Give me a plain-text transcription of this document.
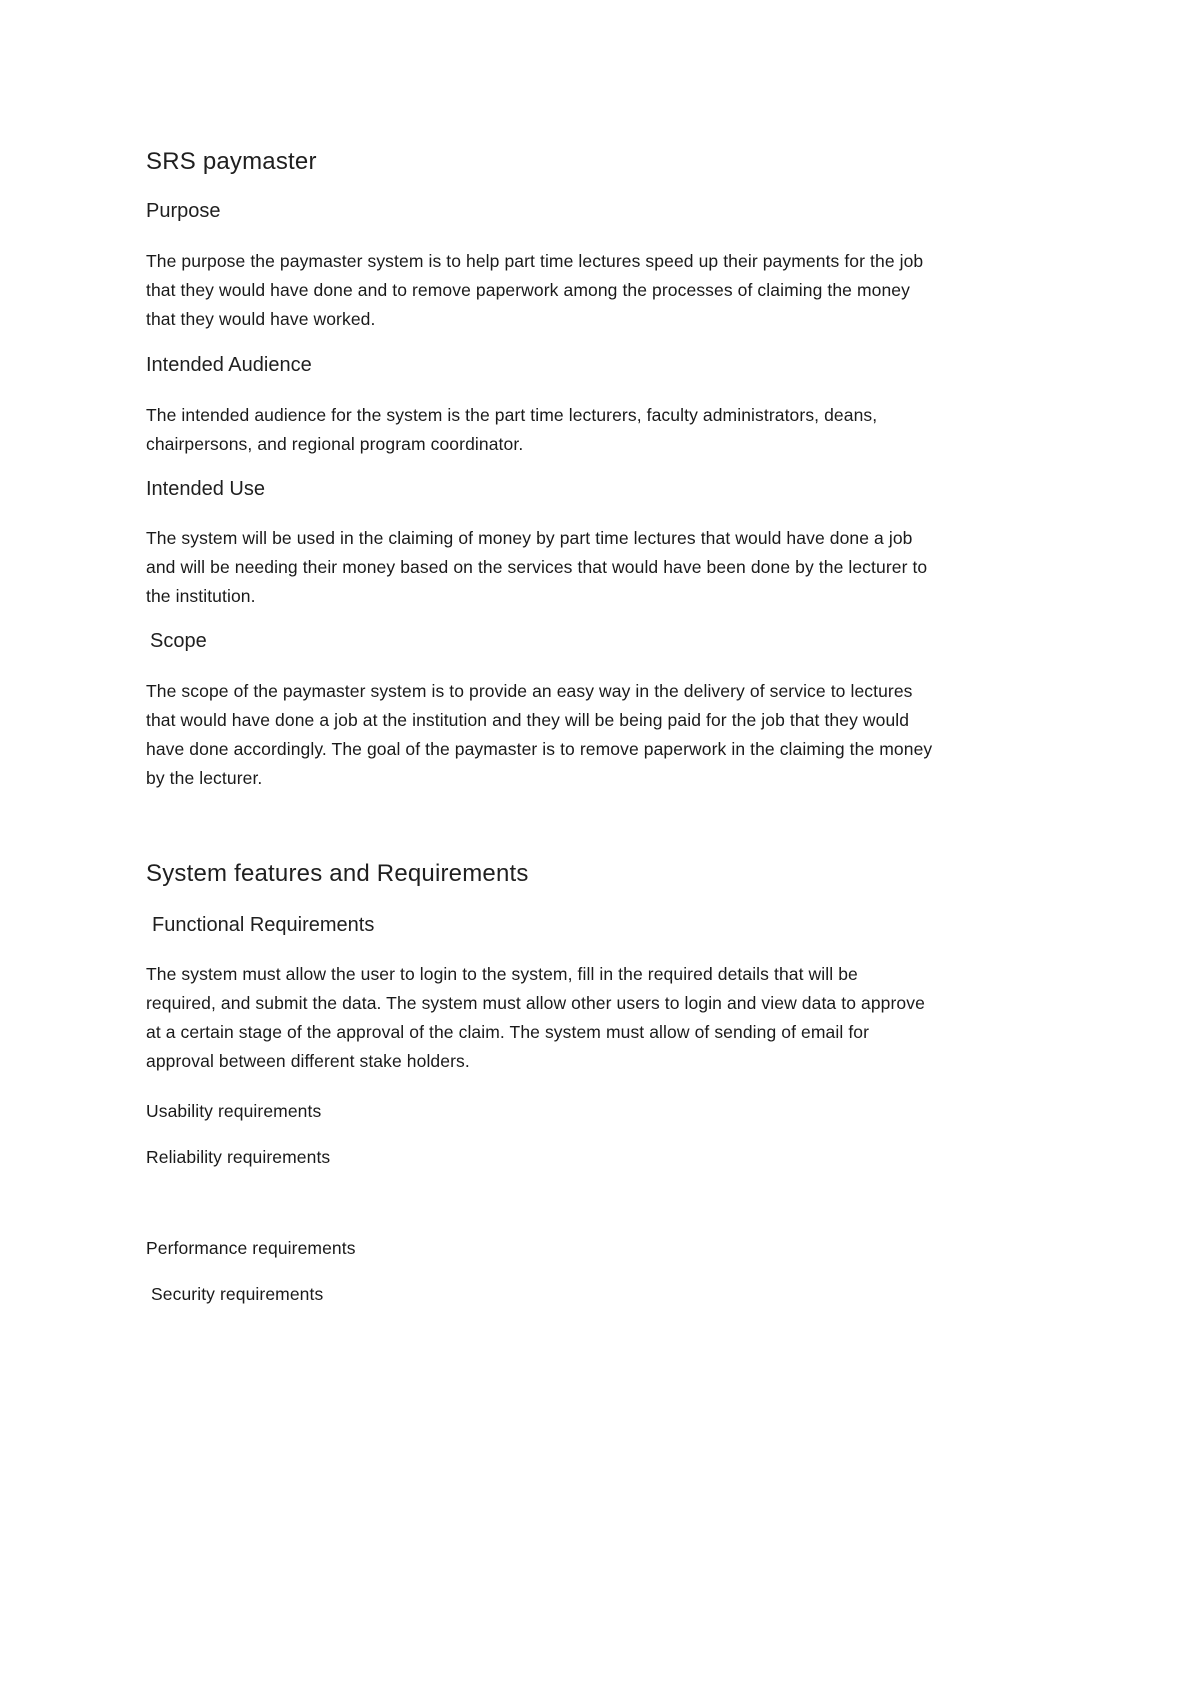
SRS paymaster
Purpose

The purpose the paymaster system is to help part time lectures speed up their payments for the job
that they would have done and to remove paperwork among the processes of claiming the money
that they would have worked.

Intended Audience

The intended audience for the system is the part time lecturers, faculty administrators, deans,
chairpersons, and regional program coordinator.

Intended Use

The system will be used in the claiming of money by part time lectures that would have done a job
and will be needing their money based on the services that would have been done by the lecturer to
the institution.

Scope

The scope of the paymaster system is to provide an easy way in the delivery of service to lectures
that would have done a job at the institution and they will be being paid for the job that they would
have done accordingly. The goal of the paymaster is to remove paperwork in the claiming the money
by the lecturer.

System features and Requirements
Functional Requirements

The system must allow the user to login to the system, fill in the required details that will be
required, and submit the data. The system must allow other users to login and view data to approve
at a certain stage of the approval of the claim. The system must allow of sending of email for
approval between different stake holders.

Usability requirements

Reliability requirements

Performance requirements

Security requirements
